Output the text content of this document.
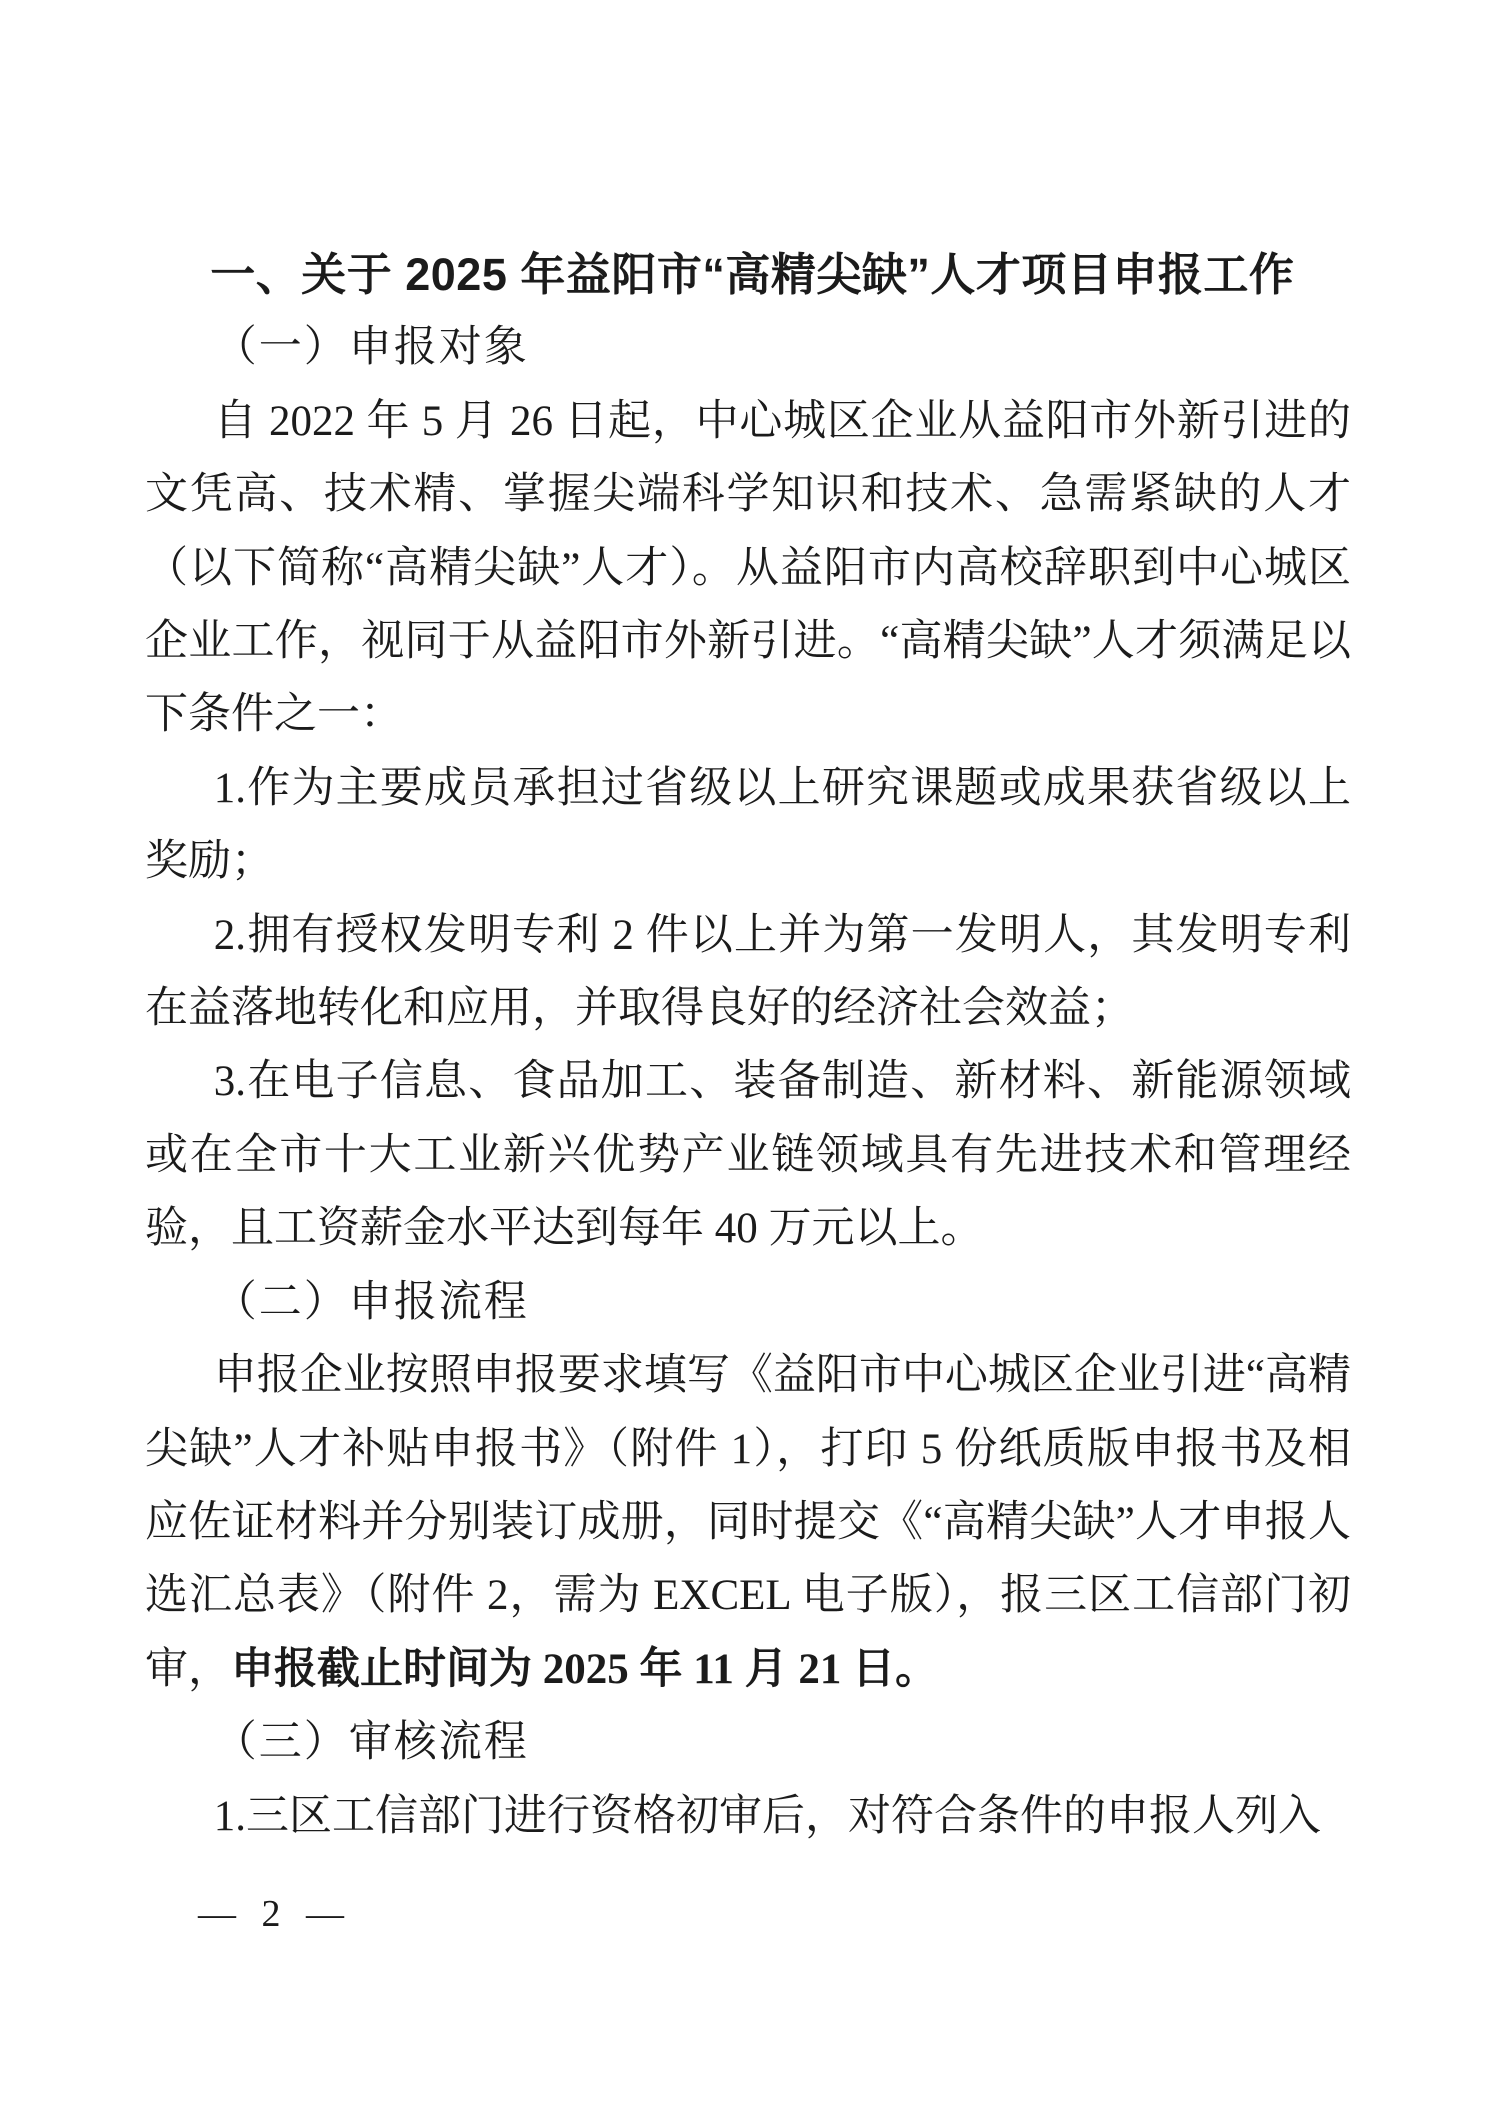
一、关于 2025 年益阳市“高精尖缺”人才项目申报工作

（一）申报对象

自 2022 年 5 月 26 日起，中心城区企业从益阳市外新引进的文凭高、技术精、掌握尖端科学知识和技术、急需紧缺的人才（以下简称“高精尖缺”人才）。从益阳市内高校辞职到中心城区企业工作，视同于从益阳市外新引进。“高精尖缺”人才须满足以下条件之一：

1.作为主要成员承担过省级以上研究课题或成果获省级以上奖励；

2.拥有授权发明专利 2 件以上并为第一发明人，其发明专利在益落地转化和应用，并取得良好的经济社会效益；

3.在电子信息、食品加工、装备制造、新材料、新能源领域或在全市十大工业新兴优势产业链领域具有先进技术和管理经验，且工资薪金水平达到每年 40 万元以上。

（二）申报流程

申报企业按照申报要求填写《益阳市中心城区企业引进“高精尖缺”人才补贴申报书》（附件 1），打印 5 份纸质版申报书及相应佐证材料并分别装订成册，同时提交《“高精尖缺”人才申报人选汇总表》（附件 2，需为 EXCEL 电子版），报三区工信部门初审，申报截止时间为 2025 年 11 月 21 日。

（三）审核流程

1.三区工信部门进行资格初审后，对符合条件的申报人列入

— 2 —
